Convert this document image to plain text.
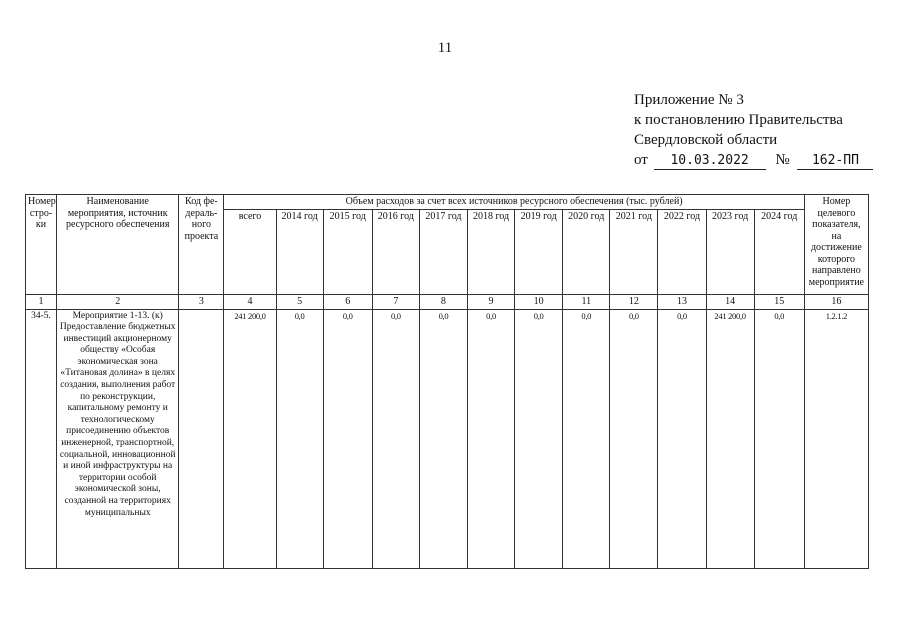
11
Приложение № 3
к постановлению Правительства
Свердловской области
от 10.03.2022 № 162-ПП
Номер стро-ки	Наименование мероприятия, источник ресурсного обеспечения	Код фе-дераль-ного проекта	Объем расходов за счет всех источников ресурсного обеспечения (тыс. рублей)												Номер целевого показателя, на достижение которого направлено мероприятие
			всего	2014 год	2015 год	2016 год	2017 год	2018 год	2019 год	2020 год	2021 год	2022 год	2023 год	2024 год	
1	2	3	4	5	6	7	8	9	10	11	12	13	14	15	16
34-5.	Мероприятие 1-13. (к) Предоставление бюджетных инвестиций акционерному обществу «Особая экономическая зона «Титановая долина» в целях создания, выполнения работ по реконструкции, капитальному ремонту и технологическому присоединению объектов инженерной, транспортной, социальной, инновационной и иной инфраструктуры на территории особой экономической зоны, созданной на территориях муниципальных		241 200,0	0,0	0,0	0,0	0,0	0,0	0,0	0,0	0,0	0,0	241 200,0	0,0	1.2.1.2
